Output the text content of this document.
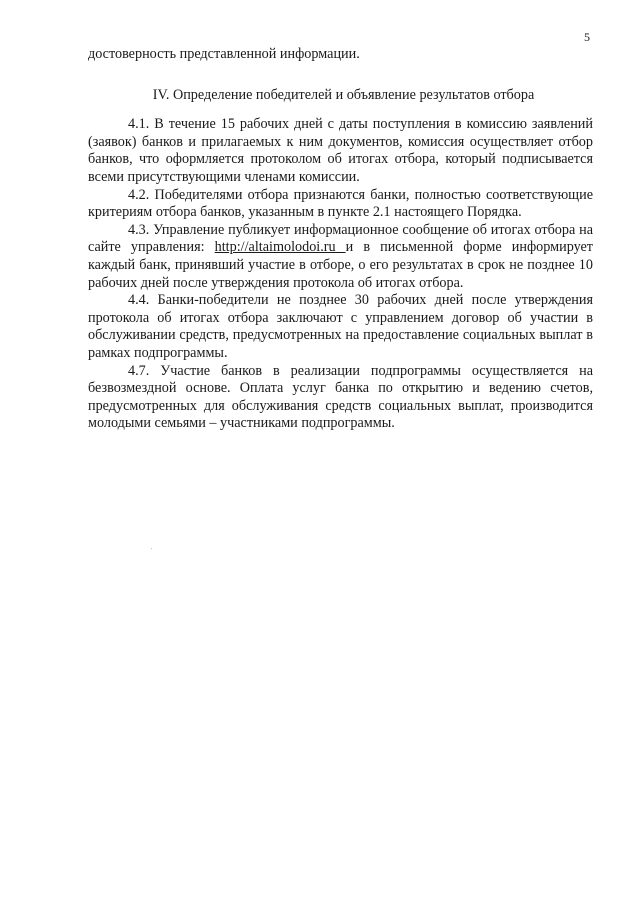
5

достоверность представленной информации.

IV. Определение победителей и объявление результатов отбора

4.1. В течение 15 рабочих дней с даты поступления в комиссию заявлений (заявок) банков и прилагаемых к ним документов, комиссия осуществляет отбор банков, что оформляется протоколом об итогах отбора, который подписывается всеми присутствующими членами комиссии.

4.2. Победителями отбора признаются банки, полностью соответствующие критериям отбора банков, указанным в пункте 2.1 настоящего Порядка.

4.3. Управление публикует информационное сообщение об итогах отбора на сайте управления: http://altaimolodoi.ru и в письменной форме информирует каждый банк, принявший участие в отборе, о его результатах в срок не позднее 10 рабочих дней после утверждения протокола об итогах отбора.

4.4. Банки-победители не позднее 30 рабочих дней после утверждения протокола об итогах отбора заключают с управлением договор об участии в обслуживании средств, предусмотренных на предоставление социальных выплат в рамках подпрограммы.

4.7. Участие банков в реализации подпрограммы осуществляется на безвозмездной основе. Оплата услуг банка по открытию и ведению счетов, предусмотренных для обслуживания средств социальных выплат, производится молодыми семьями – участниками подпрограммы.
